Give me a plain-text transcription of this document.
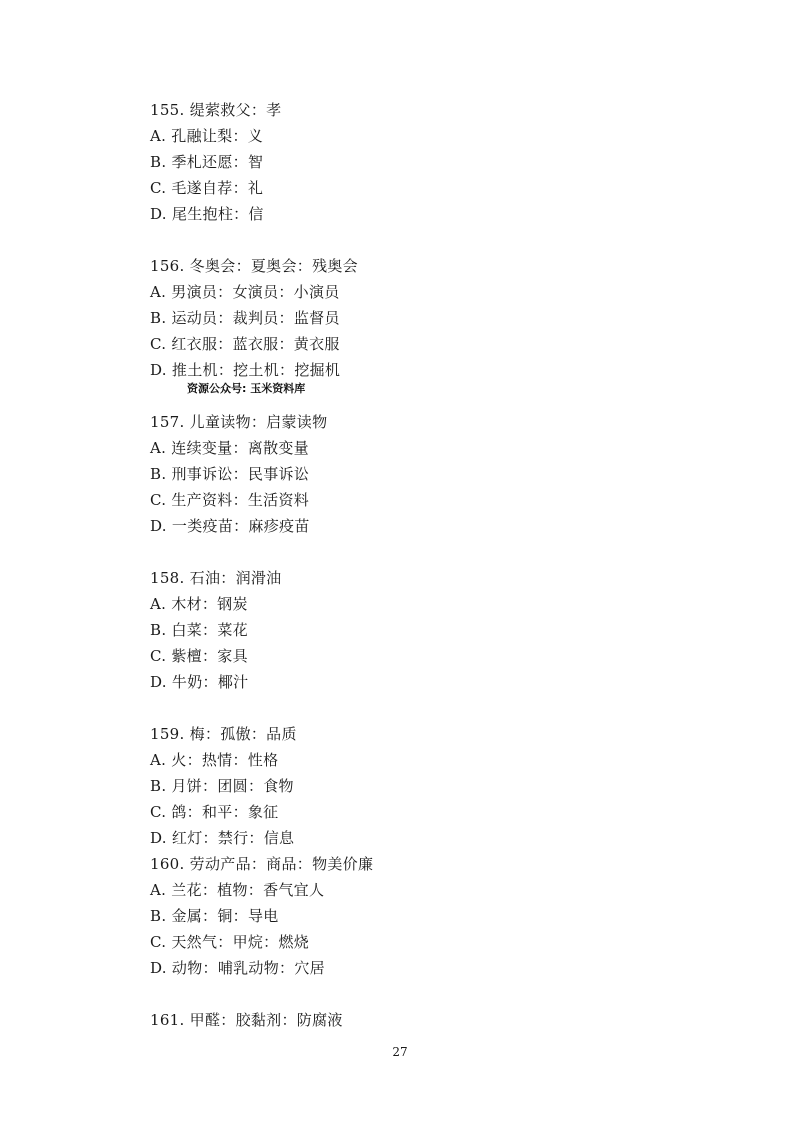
155. 缇萦救父：孝
A. 孔融让梨：义
B. 季札还愿：智
C. 毛遂自荐：礼
D. 尾生抱柱：信
156. 冬奥会：夏奥会：残奥会
A. 男演员：女演员：小演员
B. 运动员：裁判员：监督员
C. 红衣服：蓝衣服：黄衣服
D. 推土机：挖土机：挖掘机
资源公众号: 玉米资料库
157. 儿童读物：启蒙读物
A. 连续变量：离散变量
B. 刑事诉讼：民事诉讼
C. 生产资料：生活资料
D. 一类疫苗：麻疹疫苗
158. 石油：润滑油
A. 木材：钢炭
B. 白菜：菜花
C. 紫檀：家具
D. 牛奶：椰汁
159. 梅：孤傲：品质
A. 火：热情：性格
B. 月饼：团圆：食物
C. 鸽：和平：象征
D. 红灯：禁行：信息
160. 劳动产品：商品：物美价廉
A. 兰花：植物：香气宜人
B. 金属：铜：导电
C. 天然气：甲烷：燃烧
D. 动物：哺乳动物：穴居
161. 甲醛：胶黏剂：防腐液
27
